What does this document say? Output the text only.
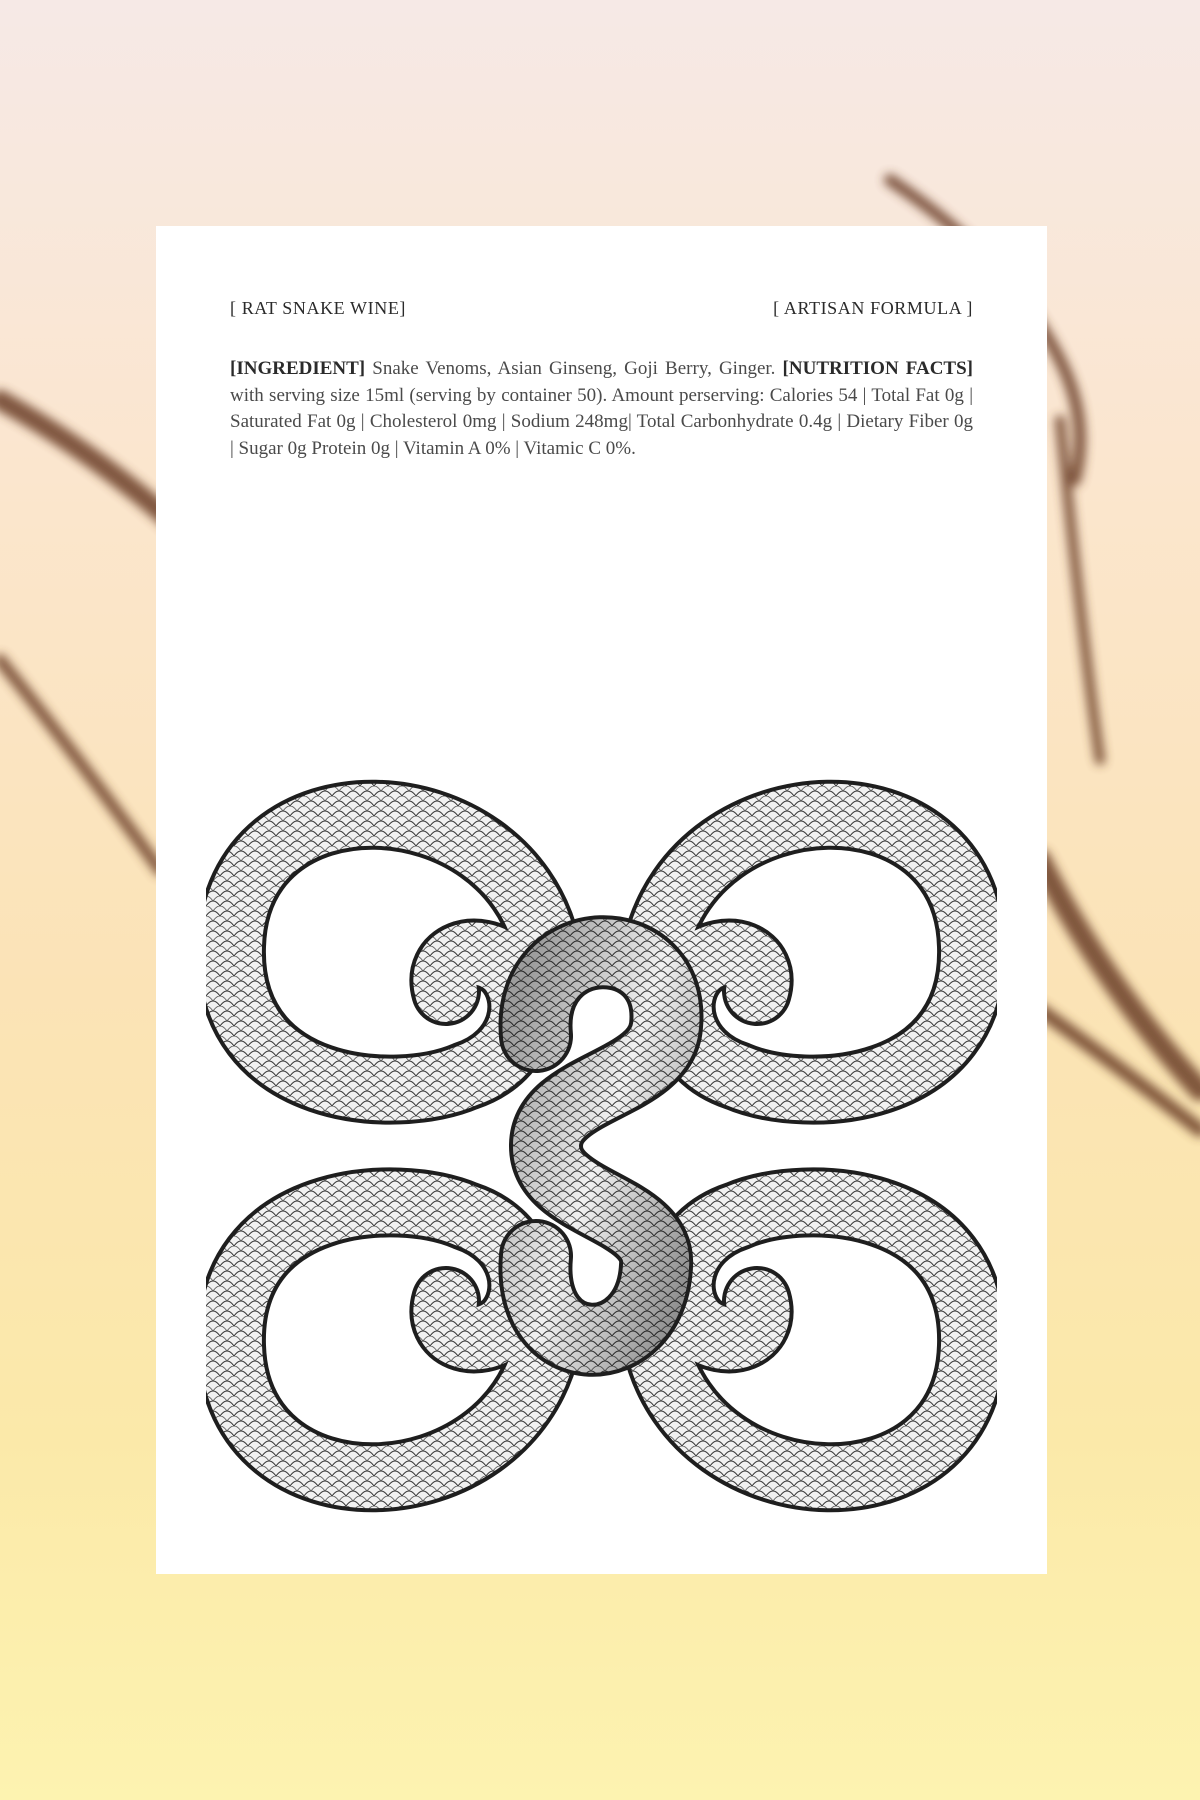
[ RAT SNAKE WINE]	[ ARTISAN FORMULA ]
[INGREDIENT] Snake Venoms, Asian Ginseng, Goji Berry, Ginger. [NUTRITION FACTS] with serving size 15ml (serving by container 50). Amount perserving: Calories 54 | Total Fat 0g | Saturated Fat 0g | Cholesterol 0mg | Sodium 248mg| Total Carbonhydrate 0.4g | Dietary Fiber 0g | Sugar 0g Protein 0g | Vitamin A 0% | Vitamic C 0%.
